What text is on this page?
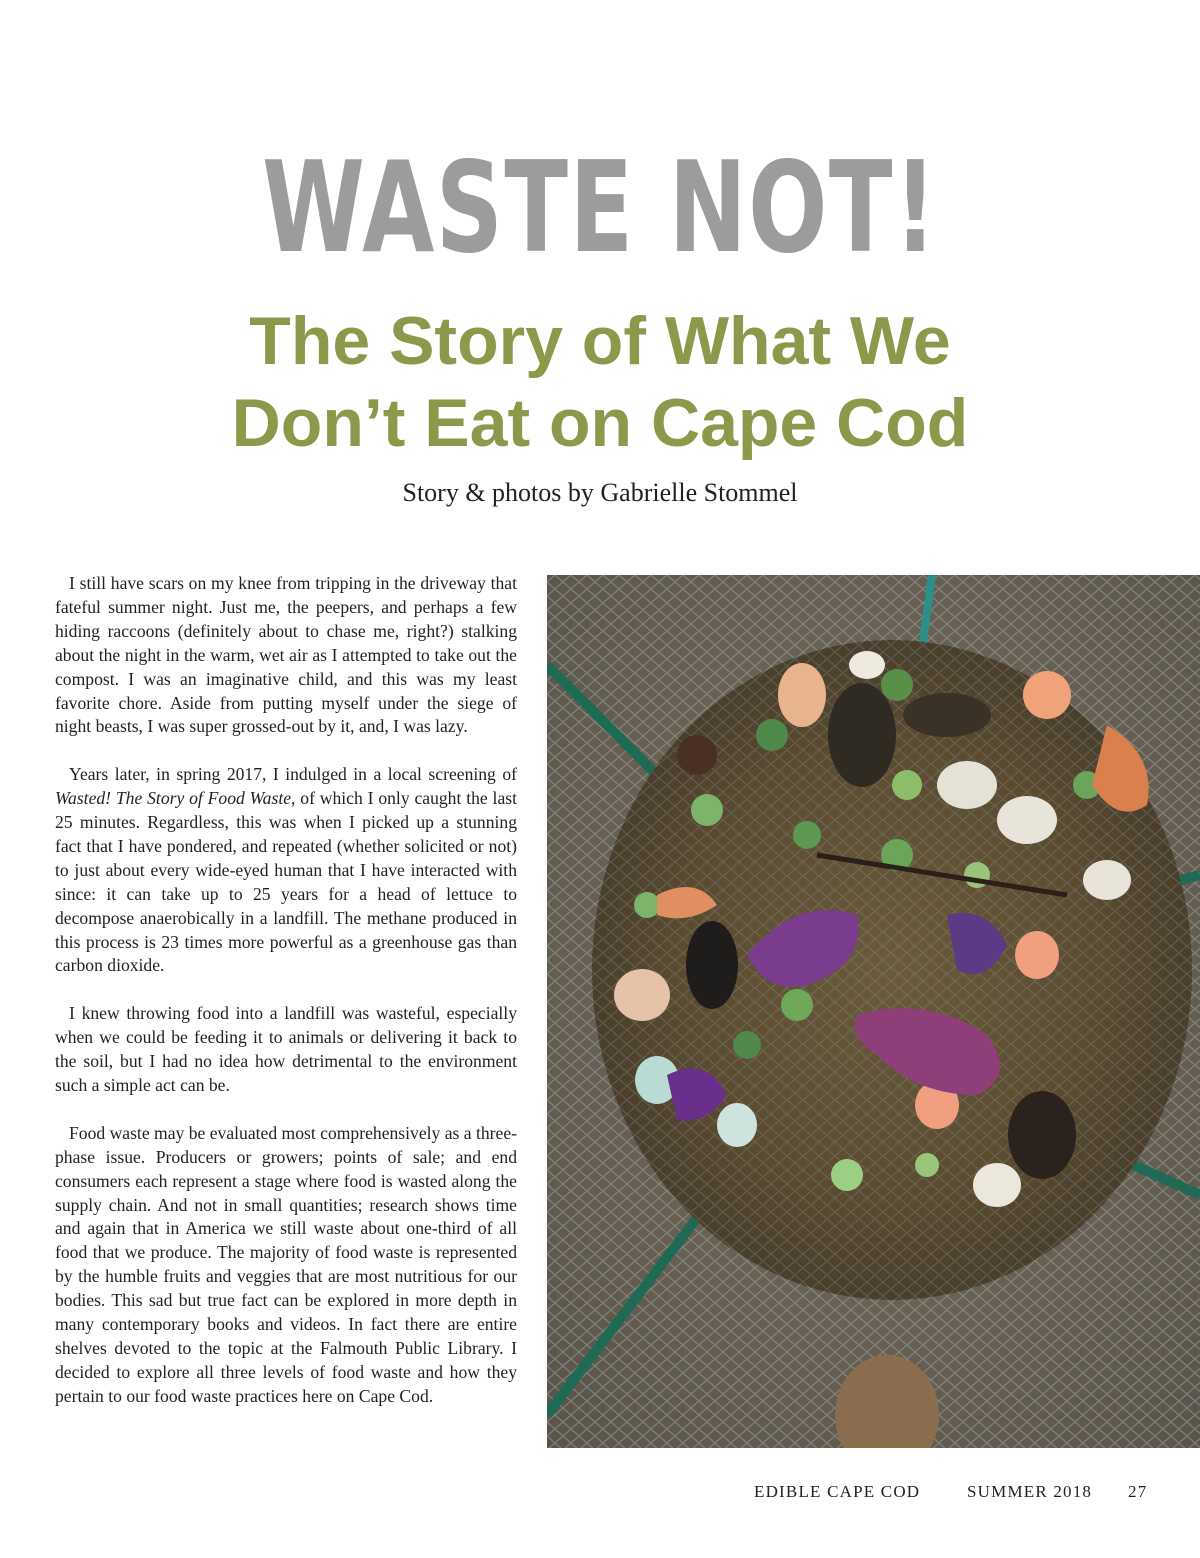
WASTE NOT!
The Story of What We
Don’t Eat on Cape Cod
Story & photos by Gabrielle Stommel

I still have scars on my knee from tripping in the driveway that fateful summer night. Just me, the peepers, and perhaps a few hiding raccoons (definitely about to chase me, right?) stalking about the night in the warm, wet air as I attempted to take out the compost. I was an imaginative child, and this was my least favorite chore. Aside from putting myself under the siege of night beasts, I was super grossed-out by it, and, I was lazy.

Years later, in spring 2017, I indulged in a local screening of Wasted! The Story of Food Waste, of which I only caught the last 25 minutes. Regardless, this was when I picked up a stunning fact that I have pondered, and repeated (whether solicited or not) to just about every wide-eyed human that I have interacted with since: it can take up to 25 years for a head of lettuce to decompose anaerobically in a landfill. The methane produced in this process is 23 times more powerful as a greenhouse gas than carbon dioxide.

I knew throwing food into a landfill was wasteful, especially when we could be feeding it to animals or delivering it back to the soil, but I had no idea how detrimental to the environment such a simple act can be.

Food waste may be evaluated most comprehensively as a three-phase issue. Producers or growers; points of sale; and end consumers each represent a stage where food is wasted along the supply chain. And not in small quantities; research shows time and again that in America we still waste about one-third of all food that we produce. The majority of food waste is represented by the humble fruits and veggies that are most nutritious for our bodies. This sad but true fact can be explored in more depth in many contemporary books and videos. In fact there are entire shelves devoted to the topic at the Falmouth Public Library. I decided to explore all three levels of food waste and how they pertain to our food waste practices here on Cape Cod.

EDIBLE CAPE COD	SUMMER 2018 27
